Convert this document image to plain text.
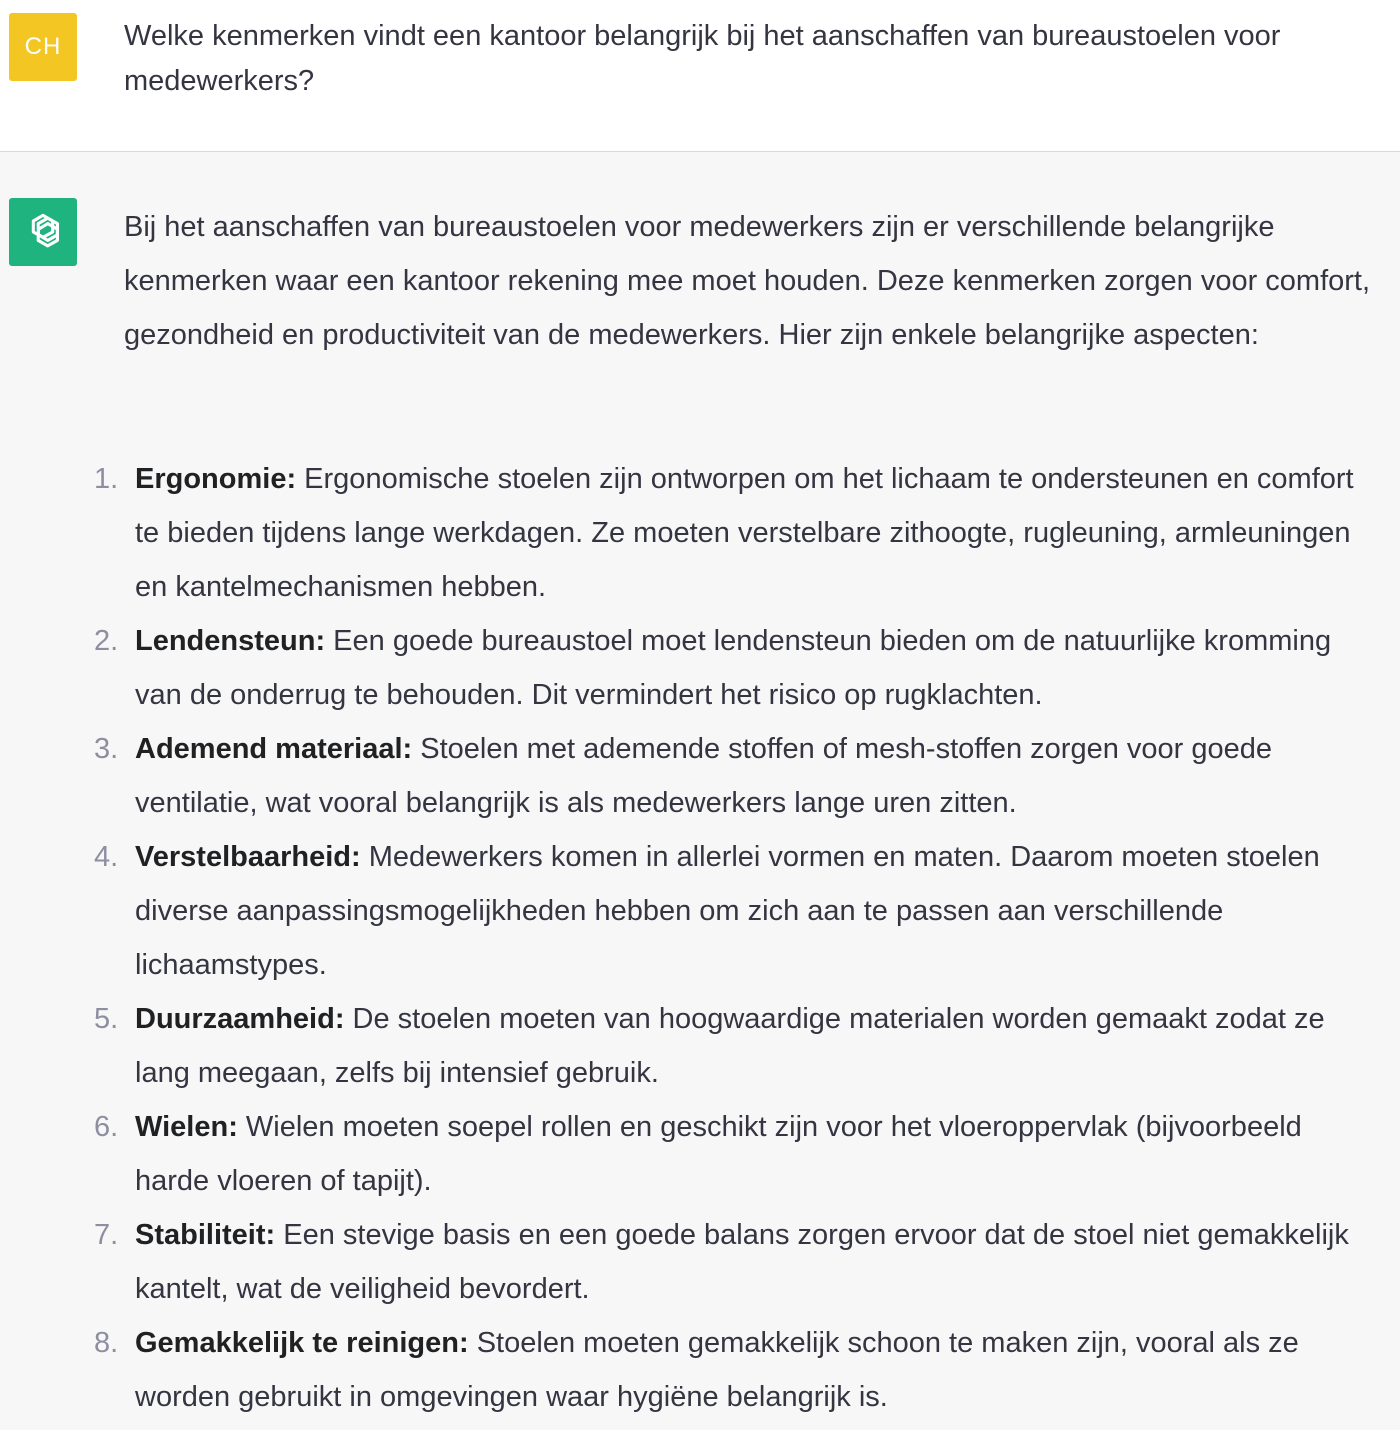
CH	Welke kenmerken vindt een kantoor belangrijk bij het aanschaffen van bureaustoelen voor medewerkers?

Bij het aanschaffen van bureaustoelen voor medewerkers zijn er verschillende belangrijke kenmerken waar een kantoor rekening mee moet houden. Deze kenmerken zorgen voor comfort, gezondheid en productiviteit van de medewerkers. Hier zijn enkele belangrijke aspecten:

1. Ergonomie: Ergonomische stoelen zijn ontworpen om het lichaam te ondersteunen en comfort te bieden tijdens lange werkdagen. Ze moeten verstelbare zithoogte, rugleuning, armleuningen en kantelmechanismen hebben.
2. Lendensteun: Een goede bureaustoel moet lendensteun bieden om de natuurlijke kromming van de onderrug te behouden. Dit vermindert het risico op rugklachten.
3. Ademend materiaal: Stoelen met ademende stoffen of mesh-stoffen zorgen voor goede ventilatie, wat vooral belangrijk is als medewerkers lange uren zitten.
4. Verstelbaarheid: Medewerkers komen in allerlei vormen en maten. Daarom moeten stoelen diverse aanpassingsmogelijkheden hebben om zich aan te passen aan verschillende lichaamstypes.
5. Duurzaamheid: De stoelen moeten van hoogwaardige materialen worden gemaakt zodat ze lang meegaan, zelfs bij intensief gebruik.
6. Wielen: Wielen moeten soepel rollen en geschikt zijn voor het vloeroppervlak (bijvoorbeeld harde vloeren of tapijt).
7. Stabiliteit: Een stevige basis en een goede balans zorgen ervoor dat de stoel niet gemakkelijk kantelt, wat de veiligheid bevordert.
8. Gemakkelijk te reinigen: Stoelen moeten gemakkelijk schoon te maken zijn, vooral als ze worden gebruikt in omgevingen waar hygiëne belangrijk is.
